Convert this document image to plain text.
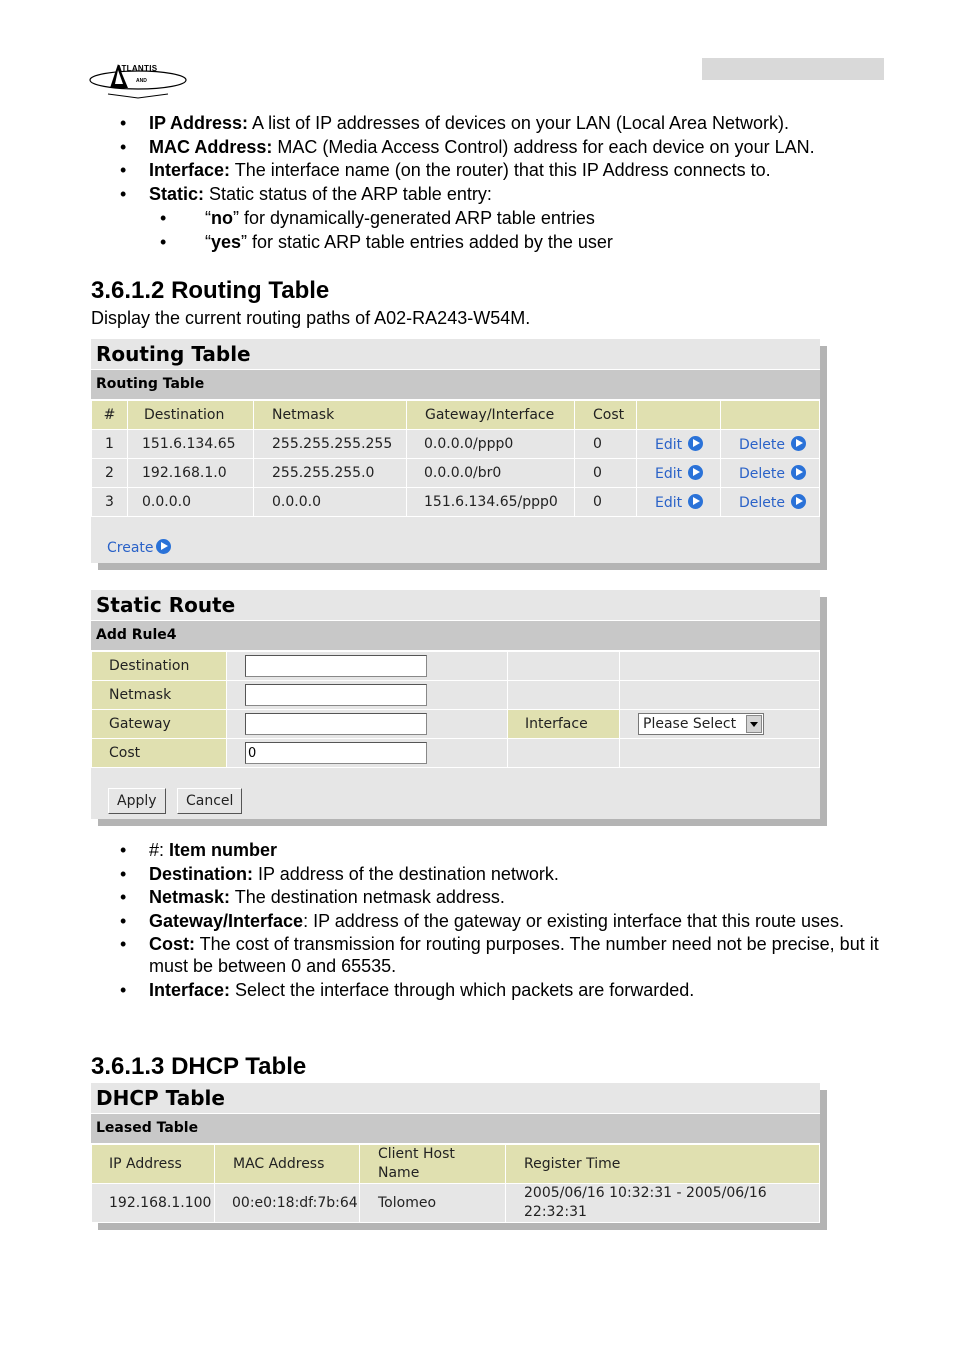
ATLANTIS
AND
• IP Address: A list of IP addresses of devices on your LAN (Local Area Network).
• MAC Address: MAC (Media Access Control) address for each device on your LAN.
• Interface: The interface name (on the router) that this IP Address connects to.
• Static: Static status of the ARP table entry:
• “no” for dynamically-generated ARP table entries
• “yes” for static ARP table entries added by the user
3.6.1.2 Routing Table

Display the current routing paths of A02-RA243-W54M.

Routing Table
Routing Table
#	Destination	Netmask	Gateway/Interface	Cost		
1	151.6.134.65	255.255.255.255	0.0.0.0/ppp0	0	Edit	Delete
2	192.168.1.0	255.255.255.0	0.0.0.0/br0	0	Edit	Delete
3	0.0.0.0	0.0.0.0	151.6.134.65/ppp0	0	Edit	Delete
Create
Static Route
Add Rule4
Destination			
Netmask			
Gateway		Interface	Please Select

Cost	0		
Apply	Cancel
• #: Item number
• Destination: IP address of the destination network.
• Netmask: The destination netmask address.
• Gateway/Interface: IP address of the gateway or existing interface that this route uses.
• Cost: The cost of transmission for routing purposes. The number need not be precise, but it must be between 0 and 65535.
• Interface: Select the interface through which packets are forwarded.
3.6.1.3 DHCP Table
DHCP Table
Leased Table
IP Address	MAC Address	Client Host Name	Register Time
192.168.1.100	00:e0:18:df:7b:64	Tolomeo	2005/06/16 10:32:31 - 2005/06/16 22:32:31
